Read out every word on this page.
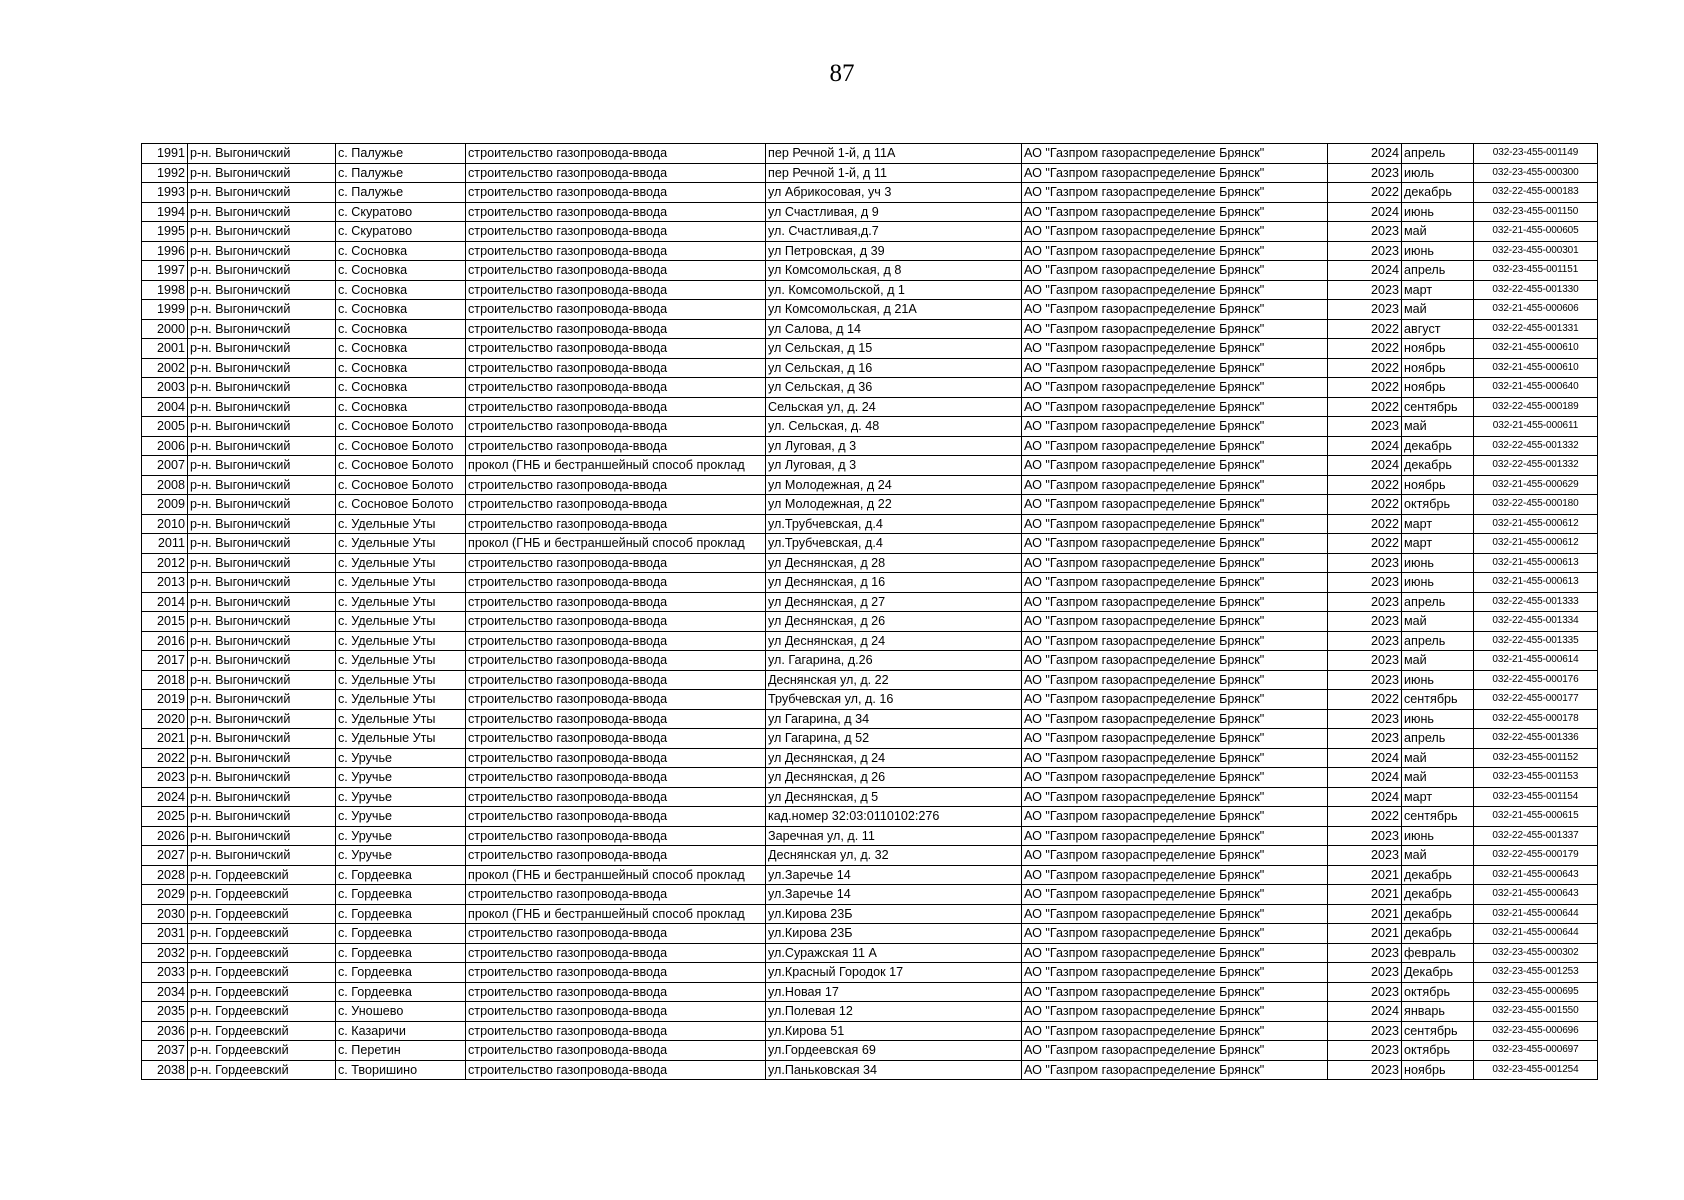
87
1991	р-н. Выгоничский	с. Палужье	строительство газопровода-ввода	пер Речной 1-й, д 11А	АО "Газпром газораспределение Брянск"	2024	апрель	032-23-455-001149
1992	р-н. Выгоничский	с. Палужье	строительство газопровода-ввода	пер Речной 1-й, д 11	АО "Газпром газораспределение Брянск"	2023	июль	032-23-455-000300
1993	р-н. Выгоничский	с. Палужье	строительство газопровода-ввода	ул Абрикосовая, уч 3	АО "Газпром газораспределение Брянск"	2022	декабрь	032-22-455-000183
1994	р-н. Выгоничский	с. Скуратово	строительство газопровода-ввода	ул Счастливая, д 9	АО "Газпром газораспределение Брянск"	2024	июнь	032-23-455-001150
1995	р-н. Выгоничский	с. Скуратово	строительство газопровода-ввода	ул. Счастливая,д.7	АО "Газпром газораспределение Брянск"	2023	май	032-21-455-000605
1996	р-н. Выгоничский	с. Сосновка	строительство газопровода-ввода	ул Петровская, д 39	АО "Газпром газораспределение Брянск"	2023	июнь	032-23-455-000301
1997	р-н. Выгоничский	с. Сосновка	строительство газопровода-ввода	ул Комсомольская, д 8	АО "Газпром газораспределение Брянск"	2024	апрель	032-23-455-001151
1998	р-н. Выгоничский	с. Сосновка	строительство газопровода-ввода	ул. Комсомольской, д 1	АО "Газпром газораспределение Брянск"	2023	март	032-22-455-001330
1999	р-н. Выгоничский	с. Сосновка	строительство газопровода-ввода	ул Комсомольская, д 21А	АО "Газпром газораспределение Брянск"	2023	май	032-21-455-000606
2000	р-н. Выгоничский	с. Сосновка	строительство газопровода-ввода	ул Салова, д 14	АО "Газпром газораспределение Брянск"	2022	август	032-22-455-001331
2001	р-н. Выгоничский	с. Сосновка	строительство газопровода-ввода	ул Сельская, д 15	АО "Газпром газораспределение Брянск"	2022	ноябрь	032-21-455-000610
2002	р-н. Выгоничский	с. Сосновка	строительство газопровода-ввода	ул Сельская, д 16	АО "Газпром газораспределение Брянск"	2022	ноябрь	032-21-455-000610
2003	р-н. Выгоничский	с. Сосновка	строительство газопровода-ввода	ул Сельская, д 36	АО "Газпром газораспределение Брянск"	2022	ноябрь	032-21-455-000640
2004	р-н. Выгоничский	с. Сосновка	строительство газопровода-ввода	Сельская ул, д. 24	АО "Газпром газораспределение Брянск"	2022	сентябрь	032-22-455-000189
2005	р-н. Выгоничский	с. Сосновое Болото	строительство газопровода-ввода	ул. Сельская, д. 48	АО "Газпром газораспределение Брянск"	2023	май	032-21-455-000611
2006	р-н. Выгоничский	с. Сосновое Болото	строительство газопровода-ввода	ул Луговая, д 3	АО "Газпром газораспределение Брянск"	2024	декабрь	032-22-455-001332
2007	р-н. Выгоничский	с. Сосновое Болото	прокол (ГНБ и бестраншейный способ проклад	ул Луговая, д 3	АО "Газпром газораспределение Брянск"	2024	декабрь	032-22-455-001332
2008	р-н. Выгоничский	с. Сосновое Болото	строительство газопровода-ввода	ул Молодежная, д 24	АО "Газпром газораспределение Брянск"	2022	ноябрь	032-21-455-000629
2009	р-н. Выгоничский	с. Сосновое Болото	строительство газопровода-ввода	ул Молодежная, д 22	АО "Газпром газораспределение Брянск"	2022	октябрь	032-22-455-000180
2010	р-н. Выгоничский	с. Удельные Уты	строительство газопровода-ввода	ул.Трубчевская, д.4	АО "Газпром газораспределение Брянск"	2022	март	032-21-455-000612
2011	р-н. Выгоничский	с. Удельные Уты	прокол (ГНБ и бестраншейный способ проклад	ул.Трубчевская, д.4	АО "Газпром газораспределение Брянск"	2022	март	032-21-455-000612
2012	р-н. Выгоничский	с. Удельные Уты	строительство газопровода-ввода	ул Деснянская, д 28	АО "Газпром газораспределение Брянск"	2023	июнь	032-21-455-000613
2013	р-н. Выгоничский	с. Удельные Уты	строительство газопровода-ввода	ул Деснянская, д 16	АО "Газпром газораспределение Брянск"	2023	июнь	032-21-455-000613
2014	р-н. Выгоничский	с. Удельные Уты	строительство газопровода-ввода	ул Деснянская, д 27	АО "Газпром газораспределение Брянск"	2023	апрель	032-22-455-001333
2015	р-н. Выгоничский	с. Удельные Уты	строительство газопровода-ввода	ул Деснянская, д 26	АО "Газпром газораспределение Брянск"	2023	май	032-22-455-001334
2016	р-н. Выгоничский	с. Удельные Уты	строительство газопровода-ввода	ул Деснянская, д 24	АО "Газпром газораспределение Брянск"	2023	апрель	032-22-455-001335
2017	р-н. Выгоничский	с. Удельные Уты	строительство газопровода-ввода	ул. Гагарина, д.26	АО "Газпром газораспределение Брянск"	2023	май	032-21-455-000614
2018	р-н. Выгоничский	с. Удельные Уты	строительство газопровода-ввода	Деснянская ул, д. 22	АО "Газпром газораспределение Брянск"	2023	июнь	032-22-455-000176
2019	р-н. Выгоничский	с. Удельные Уты	строительство газопровода-ввода	Трубчевская ул, д. 16	АО "Газпром газораспределение Брянск"	2022	сентябрь	032-22-455-000177
2020	р-н. Выгоничский	с. Удельные Уты	строительство газопровода-ввода	ул Гагарина, д 34	АО "Газпром газораспределение Брянск"	2023	июнь	032-22-455-000178
2021	р-н. Выгоничский	с. Удельные Уты	строительство газопровода-ввода	ул Гагарина, д 52	АО "Газпром газораспределение Брянск"	2023	апрель	032-22-455-001336
2022	р-н. Выгоничский	с. Уручье	строительство газопровода-ввода	ул Деснянская, д 24	АО "Газпром газораспределение Брянск"	2024	май	032-23-455-001152
2023	р-н. Выгоничский	с. Уручье	строительство газопровода-ввода	ул Деснянская, д 26	АО "Газпром газораспределение Брянск"	2024	май	032-23-455-001153
2024	р-н. Выгоничский	с. Уручье	строительство газопровода-ввода	ул Деснянская, д 5	АО "Газпром газораспределение Брянск"	2024	март	032-23-455-001154
2025	р-н. Выгоничский	с. Уручье	строительство газопровода-ввода	кад.номер 32:03:0110102:276	АО "Газпром газораспределение Брянск"	2022	сентябрь	032-21-455-000615
2026	р-н. Выгоничский	с. Уручье	строительство газопровода-ввода	Заречная ул, д. 11	АО "Газпром газораспределение Брянск"	2023	июнь	032-22-455-001337
2027	р-н. Выгоничский	с. Уручье	строительство газопровода-ввода	Деснянская ул, д. 32	АО "Газпром газораспределение Брянск"	2023	май	032-22-455-000179
2028	р-н. Гордеевский	с. Гордеевка	прокол (ГНБ и бестраншейный способ проклад	ул.Заречье 14	АО "Газпром газораспределение Брянск"	2021	декабрь	032-21-455-000643
2029	р-н. Гордеевский	с. Гордеевка	строительство газопровода-ввода	ул.Заречье 14	АО "Газпром газораспределение Брянск"	2021	декабрь	032-21-455-000643
2030	р-н. Гордеевский	с. Гордеевка	прокол (ГНБ и бестраншейный способ проклад	ул.Кирова 23Б	АО "Газпром газораспределение Брянск"	2021	декабрь	032-21-455-000644
2031	р-н. Гордеевский	с. Гордеевка	строительство газопровода-ввода	ул.Кирова 23Б	АО "Газпром газораспределение Брянск"	2021	декабрь	032-21-455-000644
2032	р-н. Гордеевский	с. Гордеевка	строительство газопровода-ввода	ул.Суражская 11 А	АО "Газпром газораспределение Брянск"	2023	февраль	032-23-455-000302
2033	р-н. Гордеевский	с. Гордеевка	строительство газопровода-ввода	ул.Красный Городок 17	АО "Газпром газораспределение Брянск"	2023	Декабрь	032-23-455-001253
2034	р-н. Гордеевский	с. Гордеевка	строительство газопровода-ввода	ул.Новая 17	АО "Газпром газораспределение Брянск"	2023	октябрь	032-23-455-000695
2035	р-н. Гордеевский	с. Уношево	строительство газопровода-ввода	ул.Полевая 12	АО "Газпром газораспределение Брянск"	2024	январь	032-23-455-001550
2036	р-н. Гордеевский	с. Казаричи	строительство газопровода-ввода	ул.Кирова 51	АО "Газпром газораспределение Брянск"	2023	сентябрь	032-23-455-000696
2037	р-н. Гордеевский	с. Перетин	строительство газопровода-ввода	ул.Гордеевская 69	АО "Газпром газораспределение Брянск"	2023	октябрь	032-23-455-000697
2038	р-н. Гордеевский	с. Творишино	строительство газопровода-ввода	ул.Паньковская 34	АО "Газпром газораспределение Брянск"	2023	ноябрь	032-23-455-001254
